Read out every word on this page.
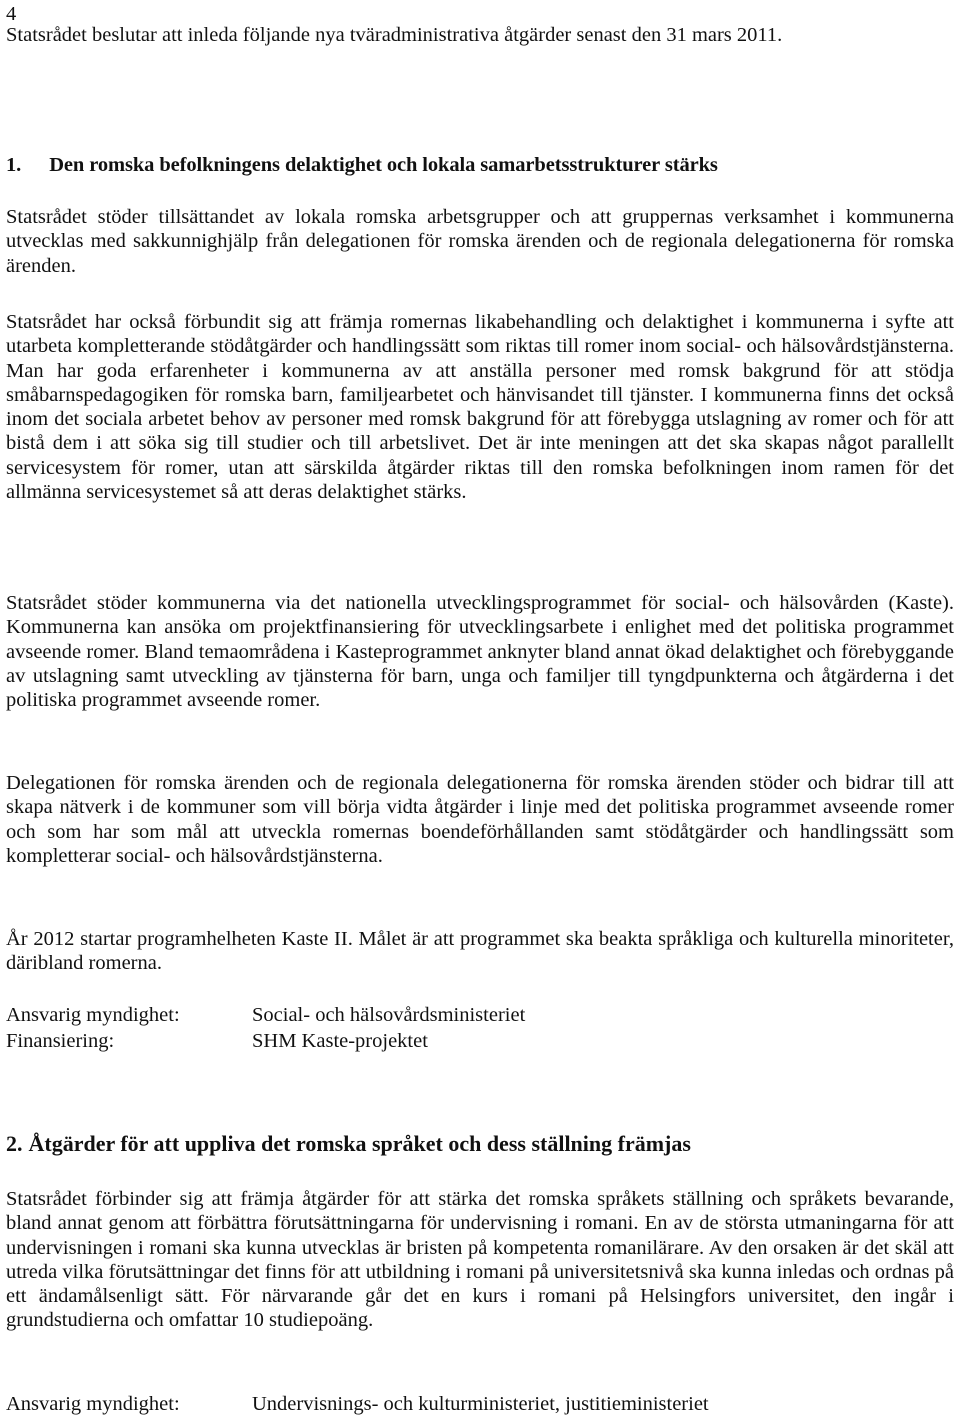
4

Statsrådet beslutar att inleda följande nya tväradministrativa åtgärder senast den 31 mars 2011.

1. Den romska befolkningens delaktighet och lokala samarbetsstrukturer stärks

Statsrådet stöder tillsättandet av lokala romska arbetsgrupper och att gruppernas verksamhet i kommunerna utvecklas med sakkunnighjälp från delegationen för romska ärenden och de regionala delegationerna för romska ärenden.

Statsrådet har också förbundit sig att främja romernas likabehandling och delaktighet i kommunerna i syfte att utarbeta kompletterande stödåtgärder och handlingssätt som riktas till romer inom social- och hälsovårdstjänsterna. Man har goda erfarenheter i kommunerna av att anställa personer med romsk bakgrund för att stödja småbarnspedagogiken för romska barn, familjearbetet och hänvisandet till tjänster. I kommunerna finns det också inom det sociala arbetet behov av personer med romsk bakgrund för att förebygga utslagning av romer och för att bistå dem i att söka sig till studier och till arbetslivet. Det är inte meningen att det ska skapas något parallellt servicesystem för romer, utan att särskilda åtgärder riktas till den romska befolkningen inom ramen för det allmänna servicesystemet så att deras delaktighet stärks.

Statsrådet stöder kommunerna via det nationella utvecklingsprogrammet för social- och hälsovården (Kaste). Kommunerna kan ansöka om projektfinansiering för utvecklingsarbete i enlighet med det politiska programmet avseende romer. Bland temaområdena i Kasteprogrammet anknyter bland annat ökad delaktighet och förebyggande av utslagning samt utveckling av tjänsterna för barn, unga och familjer till tyngdpunkterna och åtgärderna i det politiska programmet avseende romer.

Delegationen för romska ärenden och de regionala delegationerna för romska ärenden stöder och bidrar till att skapa nätverk i de kommuner som vill börja vidta åtgärder i linje med det politiska programmet avseende romer och som har som mål att utveckla romernas boendeförhållanden samt stödåtgärder och handlingssätt som kompletterar social- och hälsovårdstjänsterna.

År 2012 startar programhelheten Kaste II. Målet är att programmet ska beakta språkliga och kulturella minoriteter, däribland romerna.

Ansvarig myndighet:	Social- och hälsovårdsministeriet
Finansiering:	SHM Kaste-projektet
2. Åtgärder för att uppliva det romska språket och dess ställning främjas

Statsrådet förbinder sig att främja åtgärder för att stärka det romska språkets ställning och språkets bevarande, bland annat genom att förbättra förutsättningarna för undervisning i romani. En av de största utmaningarna för att undervisningen i romani ska kunna utvecklas är bristen på kompetenta romanilärare. Av den orsaken är det skäl att utreda vilka förutsättningar det finns för att utbildning i romani på universitetsnivå ska kunna inledas och ordnas på ett ändamålsenligt sätt. För närvarande går det en kurs i romani på Helsingfors universitet, den ingår i grundstudierna och omfattar 10 studiepoäng.

Ansvarig myndighet:	Undervisnings- och kulturministeriet, justitieministeriet
